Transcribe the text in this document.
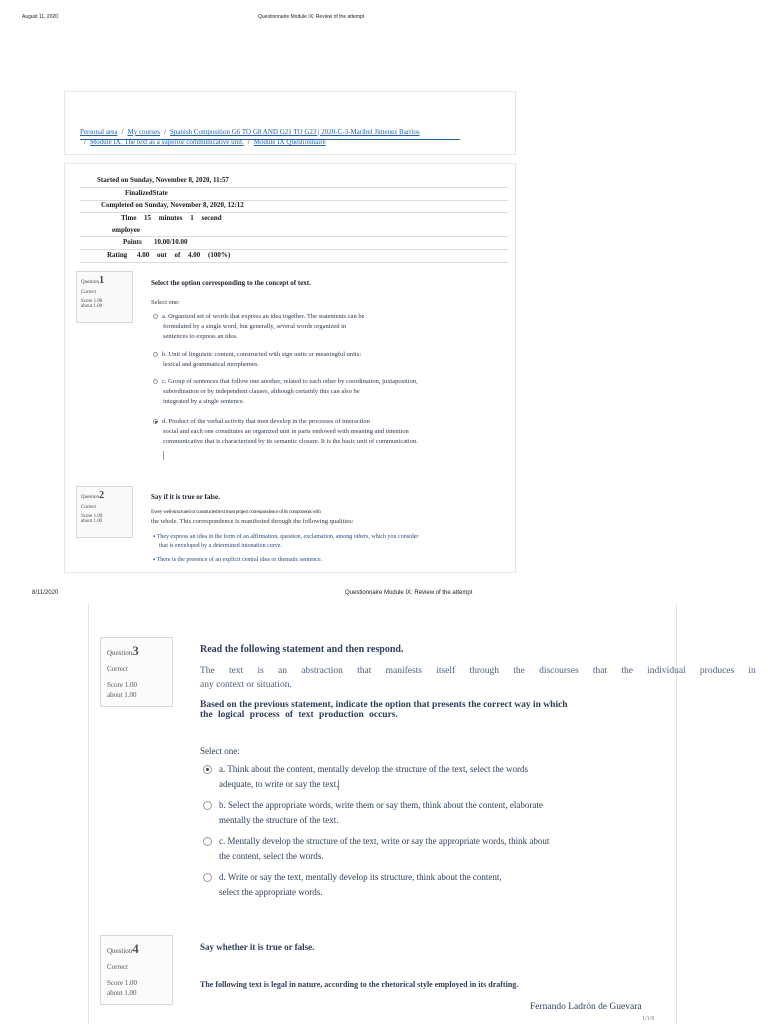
August 11, 2020	Questionnaire Module IX: Review of the attempt
Personal area / My courses / Spanish Composition G6 TO G8 AND G21 TO G23 | 2020-C-3-Maribel Jimenez Barrios
/ Module IX. The text as a superior communicative unit. / Module IX Questionnaire
Started on Sunday, November 8, 2020, 11:57
FinalizedState
Completed on Sunday, November 8, 2020, 12:12
Time 15 minutes 1 second
employee
Points 10.00/10.00
Rating 4.00 out of 4.00 (100%)
Question1
Correct
Score 1.00
about 1.00
Select the option corresponding to the concept of text.
Select one:
a. Organized set of words that express an idea together. The statements can be
formulated by a single word, but generally, several words organized in
sentences to express an idea.
b. Unit of linguistic content, constructed with sign units or meaningful units:
lexical and grammatical morphemes.
c. Group of sentences that follow one another, related to each other by coordination, juxtaposition,
subordination or by independent clauses, although certainly this can also be
integrated by a single sentence.
d. Product of the verbal activity that men develop in the processes of interaction
social and each one constitutes an organized unit in parts endowed with meaning and intention
communicative that is characterized by its semantic closure. It is the basic unit of communication.
Question2
Correct
Score 1.00
about 1.00
Say if it is true or false.
Every well-structured or constructed text must project correspondence of its components with
the whole. This correspondence is manifested through the following qualities:
▪ They express an idea in the form of an affirmation, question, exclamation, among others, which you consider
that is enveloped by a determined intonation curve.
▪ There is the presence of an explicit central idea or thematic sentence.
8/11/2020	Questionnaire Module IX: Review of the attempt
Question3
Correct
Score 1.00
about 1.00
Read the following statement and then respond.
The text is an abstraction that manifests itself through the discourses that the individual produces in
any context or situation.
Based on the previous statement, indicate the option that presents the correct way in which
the logical process of text production occurs.
Select one:
a. Think about the content, mentally develop the structure of the text, select the words
adequate, to write or say the text.
b. Select the appropriate words, write them or say them, think about the content, elaborate
mentally the structure of the text.
c. Mentally develop the structure of the text, write or say the appropriate words, think about
the content, select the words.
d. Write or say the text, mentally develop its structure, think about the content,
select the appropriate words.
Question4
Correct
Score 1.00
about 1.00
Say whether it is true or false.
The following text is legal in nature, according to the rhetorical style employed in its drafting.
Fernando Ladrón de Guevara
1/1/6
